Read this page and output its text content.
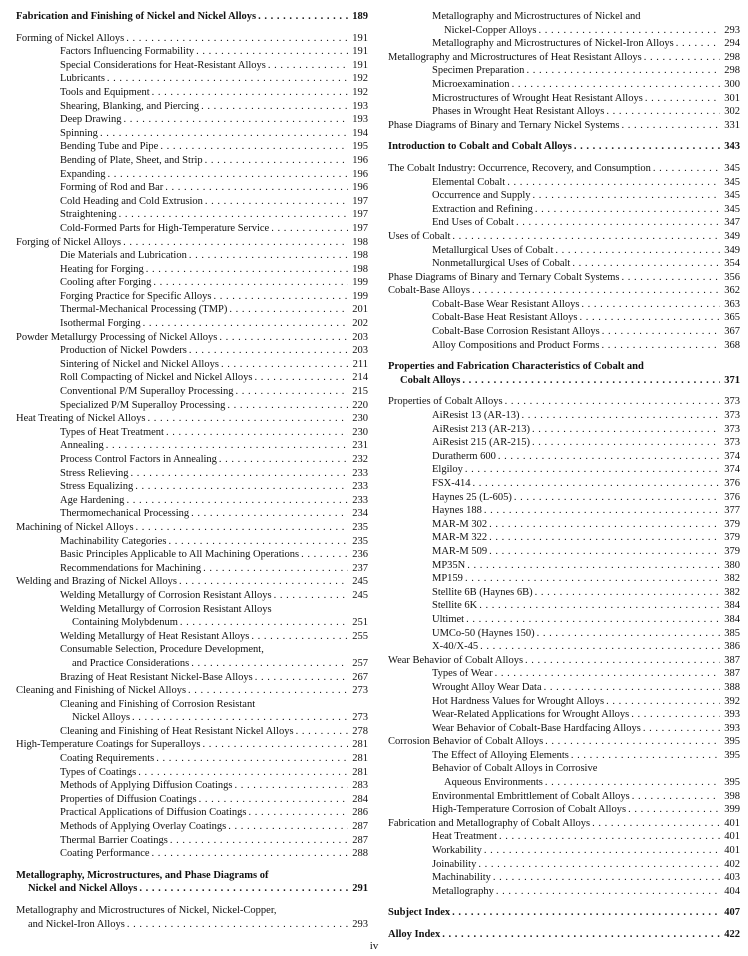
Fabrication and Finishing of Nickel and Nickel Alloys . . .	189
Forming of Nickel Alloys . . .	191
Factors Influencing Formability . . .	191
Special Considerations for Heat-Resistant Alloys . . .	191
Lubricants . . .	192
Tools and Equipment . . .	192
Shearing, Blanking, and Piercing . . .	193
Deep Drawing . . .	193
Spinning . . .	194
Bending Tube and Pipe . . .	195
Bending of Plate, Sheet, and Strip . . .	196
Expanding . . .	196
Forming of Rod and Bar . . .	196
Cold Heading and Cold Extrusion . . .	197
Straightening . . .	197
Cold-Formed Parts for High-Temperature Service . . .	197
Forging of Nickel Alloys . . .	198
Die Materials and Lubrication . . .	198
Heating for Forging . . .	198
Cooling after Forging . . .	199
Forging Practice for Specific Alloys . . .	199
Thermal-Mechanical Processing (TMP) . . .	201
Isothermal Forging . . .	202
Powder Metallurgy Processing of Nickel Alloys . . .	203
Production of Nickel Powders . . .	203
Sintering of Nickel and Nickel Alloys . . .	211
Roll Compacting of Nickel and Nickel Alloys . . .	214
Conventional P/M Superalloy Processing . . .	215
Specialized P/M Superalloy Processing . . .	220
Heat Treating of Nickel Alloys . . .	230
Types of Heat Treatment . . .	230
Annealing . . .	231
Process Control Factors in Annealing . . .	232
Stress Relieving . . .	233
Stress Equalizing . . .	233
Age Hardening . . .	233
Thermomechanical Processing . . .	234
Machining of Nickel Alloys . . .	235
Machinability Categories . . .	235
Basic Principles Applicable to All Machining Operations . . .	236
Recommendations for Machining . . .	237
Welding and Brazing of Nickel Alloys . . .	245
Welding Metallurgy of Corrosion Resistant Alloys . . .	245
Welding Metallurgy of Corrosion Resistant Alloys
Containing Molybdenum . . .	251
Welding Metallurgy of Heat Resistant Alloys . . .	255
Consumable Selection, Procedure Development,
and Practice Considerations . . .	257
Brazing of Heat Resistant Nickel-Base Alloys . . .	267
Cleaning and Finishing of Nickel Alloys . . .	273
Cleaning and Finishing of Corrosion Resistant
Nickel Alloys . . .	273
Cleaning and Finishing of Heat Resistant Nickel Alloys . . .	278
High-Temperature Coatings for Superalloys . . .	281
Coating Requirements . . .	281
Types of Coatings . . .	281
Methods of Applying Diffusion Coatings . . .	283
Properties of Diffusion Coatings . . .	284
Practical Applications of Diffusion Coatings . . .	286
Methods of Applying Overlay Coatings . . .	287
Thermal Barrier Coatings . . .	287
Coating Performance . . .	288
Metallography, Microstructures, and Phase Diagrams of
Nickel and Nickel Alloys . . .	291
Metallography and Microstructures of Nickel, Nickel-Copper,
and Nickel-Iron Alloys . . .	293
Metallography and Microstructures of Nickel and
Nickel-Copper Alloys . . .	293
Metallography and Microstructures of Nickel-Iron Alloys . . .	294
Metallography and Microstructures of Heat Resistant Alloys . . .	298
Specimen Preparation . . .	298
Microexamination . . .	300
Microstructures of Wrought Heat Resistant Alloys . . .	301
Phases in Wrought Heat Resistant Alloys . . .	302
Phase Diagrams of Binary and Ternary Nickel Systems . . .	331
Introduction to Cobalt and Cobalt Alloys . . .	343
The Cobalt Industry: Occurrence, Recovery, and Consumption . . .	345
Elemental Cobalt . . .	345
Occurrence and Supply . . .	345
Extraction and Refining . . .	345
End Uses of Cobalt . . .	347
Uses of Cobalt . . .	349
Metallurgical Uses of Cobalt . . .	349
Nonmetallurgical Uses of Cobalt . . .	354
Phase Diagrams of Binary and Ternary Cobalt Systems . . .	356
Cobalt-Base Alloys . . .	362
Cobalt-Base Wear Resistant Alloys . . .	363
Cobalt-Base Heat Resistant Alloys . . .	365
Cobalt-Base Corrosion Resistant Alloys . . .	367
Alloy Compositions and Product Forms . . .	368
Properties and Fabrication Characteristics of Cobalt and
Cobalt Alloys . . .	371
Properties of Cobalt Alloys . . .	373
AiResist 13 (AR-13) . . .	373
AiResist 213 (AR-213) . . .	373
AiResist 215 (AR-215) . . .	373
Duratherm 600 . . .	374
Elgiloy . . .	374
FSX-414 . . .	376
Haynes 25 (L-605) . . .	376
Haynes 188 . . .	377
MAR-M 302 . . .	379
MAR-M 322 . . .	379
MAR-M 509 . . .	379
MP35N . . .	380
MP159 . . .	382
Stellite 6B (Haynes 6B) . . .	382
Stellite 6K . . .	384
Ultimet . . .	384
UMCo-50 (Haynes 150) . . .	385
X-40/X-45 . . .	386
Wear Behavior of Cobalt Alloys . . .	387
Types of Wear . . .	387
Wrought Alloy Wear Data . . .	388
Hot Hardness Values for Wrought Alloys . . .	392
Wear-Related Applications for Wrought Alloys . . .	393
Wear Behavior of Cobalt-Base Hardfacing Alloys . . .	393
Corrosion Behavior of Cobalt Alloys . . .	395
The Effect of Alloying Elements . . .	395
Behavior of Cobalt Alloys in Corrosive
Aqueous Environments . . .	395
Environmental Embrittlement of Cobalt Alloys . . .	398
High-Temperature Corrosion of Cobalt Alloys . . .	399
Fabrication and Metallography of Cobalt Alloys . . .	401
Heat Treatment . . .	401
Workability . . .	401
Joinability . . .	402
Machinability . . .	403
Metallography . . .	404
Subject Index . . .	407
Alloy Index . . .	422
iv
